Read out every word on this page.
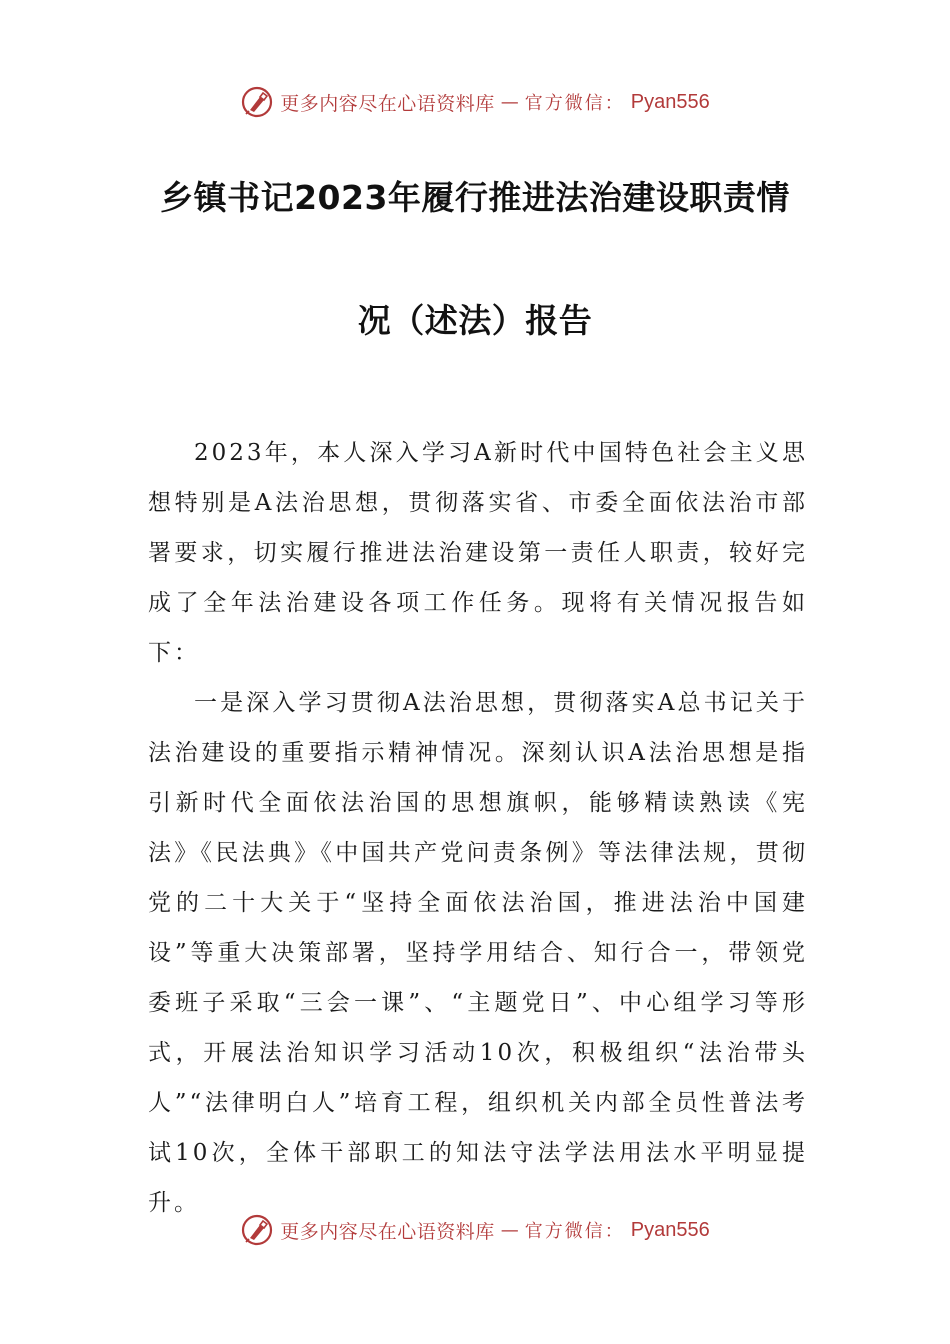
更多内容尽在心语资料库 — 官方微信： Pyan556
乡镇书记2023年履行推进法治建设职责情
况（述法）报告

2023年，本人深入学习A新时代中国特色社会主义思想特别是A法治思想，贯彻落实省、市委全面依法治市部署要求，切实履行推进法治建设第一责任人职责，较好完成了全年法治建设各项工作任务。现将有关情况报告如下：

一是深入学习贯彻A法治思想，贯彻落实A总书记关于法治建设的重要指示精神情况。深刻认识A法治思想是指引新时代全面依法治国的思想旗帜，能够精读熟读《宪法》《民法典》《中国共产党问责条例》等法律法规，贯彻党的二十大关于“坚持全面依法治国，推进法治中国建设”等重大决策部署，坚持学用结合、知行合一，带领党委班子采取“三会一课”、“主题党日”、中心组学习等形式，开展法治知识学习活动10次，积极组织“法治带头人”“法律明白人”培育工程，组织机关内部全员性普法考试10次，全体干部职工的知法守法学法用法水平明显提升。

更多内容尽在心语资料库 — 官方微信： Pyan556
